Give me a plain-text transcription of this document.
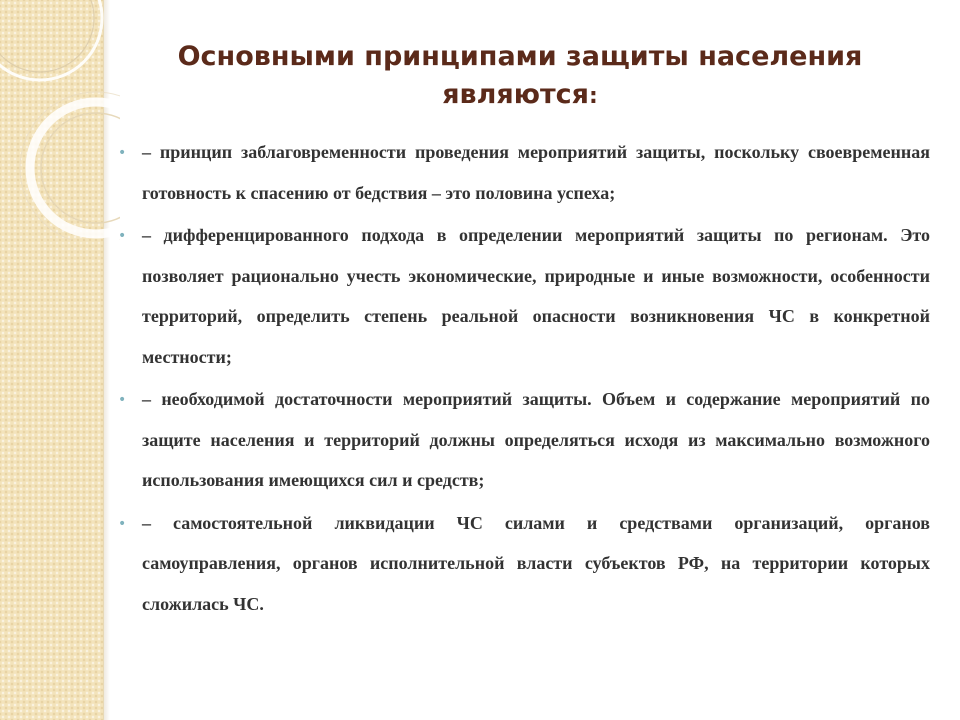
Основными принципами защиты населения являются:
• – принцип заблаговременности проведения мероприятий защиты, поскольку своевременная готовность к спасению от бедствия – это половина успеха;

• – дифференцированного подхода в определении мероприятий защиты по регионам. Это позволяет рационально учесть экономические, природные и иные возможности, особенности территорий, определить степень реальной опасности возникновения ЧС в конкретной местности;

• – необходимой достаточности мероприятий защиты. Объем и содержание мероприятий по защите населения и территорий должны определяться исходя из максимально возможного использования имеющихся сил и средств;

• – самостоятельной ликвидации ЧС силами и средствами организаций, органов самоуправления, органов исполнительной власти субъектов РФ, на территории которых сложилась ЧС.
